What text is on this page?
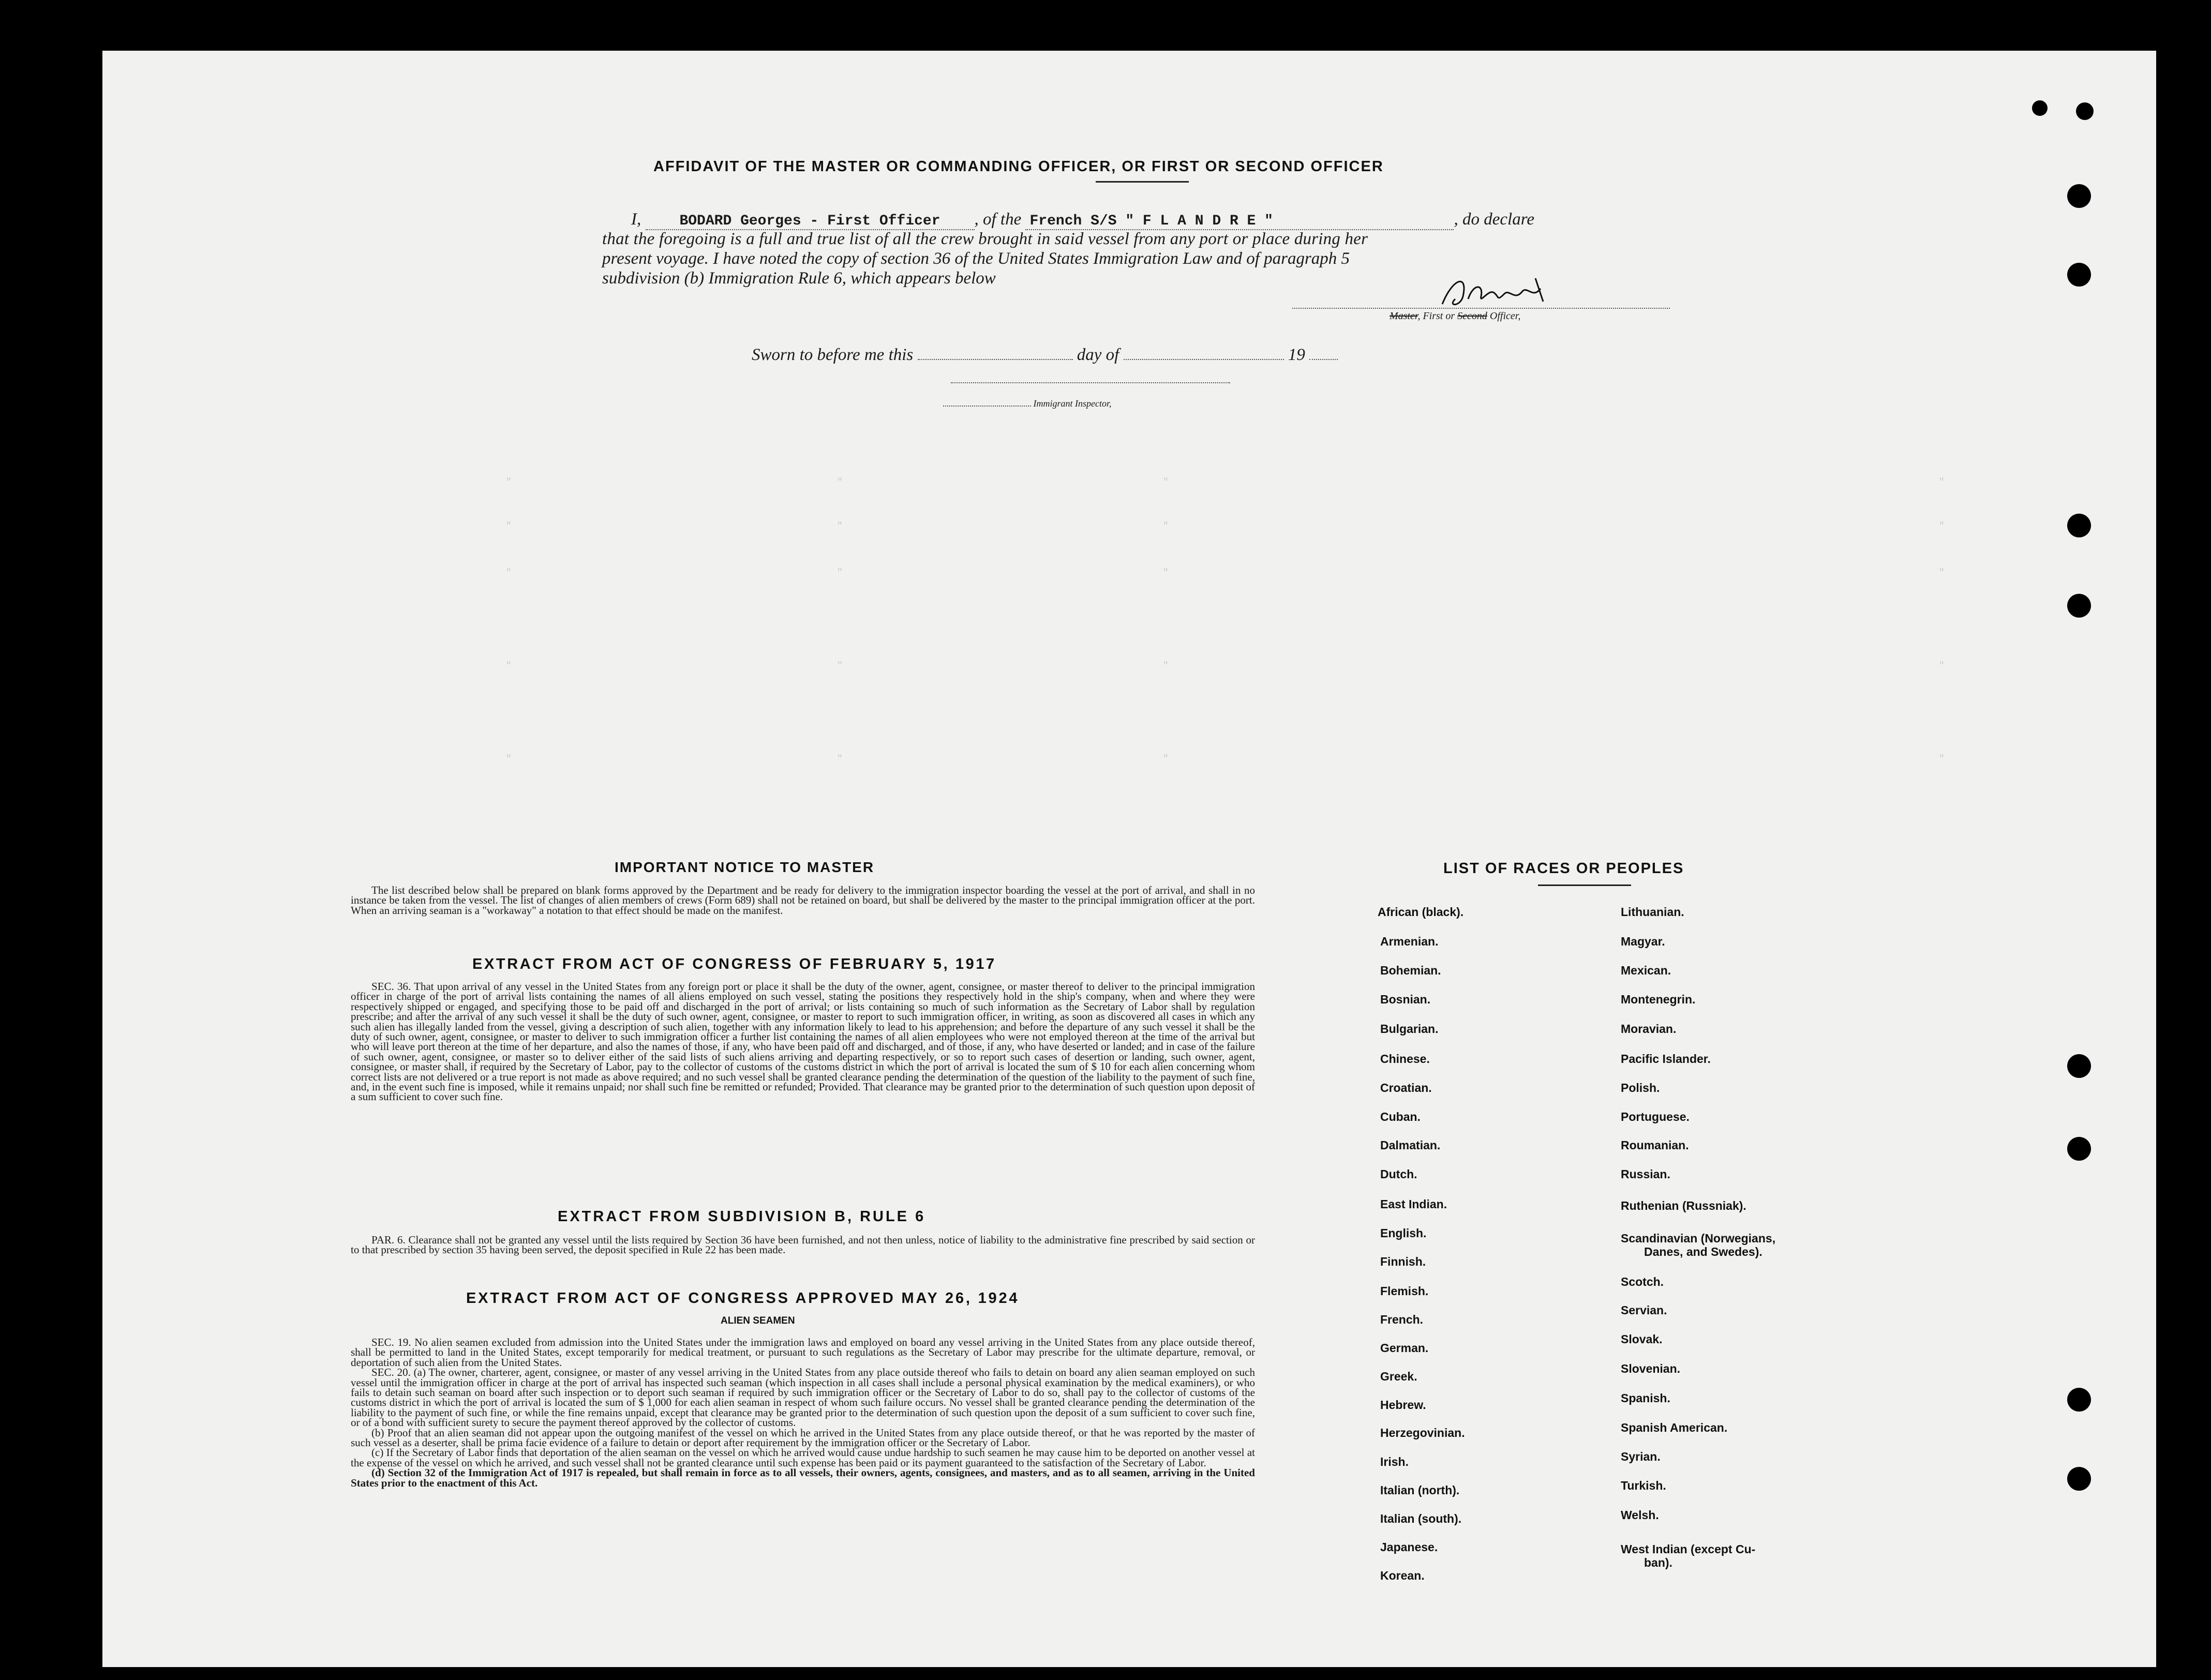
"	"	"	"
"	"	"	"
"	"	"	"
"	"	"	"
"	"	"	"
AFFIDAVIT OF THE MASTER OR COMMANDING OFFICER, OR FIRST OR SECOND OFFICER
I,	BODARD Georges - First Officer , of the French S/S " F L A N D R E "	, do declare
that the foregoing is a full and true list of all the crew brought in said vessel from any port or place during her
present voyage. I have noted the copy of section 36 of the United States Immigration Law and of paragraph 5
subdivision (b) Immigration Rule 6, which appears below	J.Bodard
Master, First or Second Officer,
Sworn to before me this	day of	19
Immigrant Inspector,
IMPORTANT NOTICE TO MASTER

The list described below shall be prepared on blank forms approved by the Department and be ready for delivery to the immigration inspector boarding the vessel at the port of arrival, and shall in no instance be taken from the vessel. The list of changes of alien members of crews (Form 689) shall not be retained on board, but shall be delivered by the master to the principal immigration officer at the port. When an arriving seaman is a "workaway" a notation to that effect should be made on the manifest.

EXTRACT FROM ACT OF CONGRESS OF FEBRUARY 5, 1917

SEC. 36. That upon arrival of any vessel in the United States from any foreign port or place it shall be the duty of the owner, agent, consignee, or master thereof to deliver to the principal immigration officer in charge of the port of arrival lists containing the names of all aliens employed on such vessel, stating the positions they respectively hold in the ship's company, when and where they were respectively shipped or engaged, and specifying those to be paid off and discharged in the port of arrival; or lists containing so much of such information as the Secretary of Labor shall by regulation prescribe; and after the arrival of any such vessel it shall be the duty of such owner, agent, consignee, or master to report to such immigration officer, in writing, as soon as discovered all cases in which any such alien has illegally landed from the vessel, giving a description of such alien, together with any information likely to lead to his apprehension; and before the departure of any such vessel it shall be the duty of such owner, agent, consignee, or master to deliver to such immigration officer a further list containing the names of all alien employees who were not employed thereon at the time of the arrival but who will leave port thereon at the time of her departure, and also the names of those, if any, who have been paid off and discharged, and of those, if any, who have deserted or landed; and in case of the failure of such owner, agent, consignee, or master so to deliver either of the said lists of such aliens arriving and departing respectively, or so to report such cases of desertion or landing, such owner, agent, consignee, or master shall, if required by the Secretary of Labor, pay to the collector of customs of the customs district in which the port of arrival is located the sum of $ 10 for each alien concerning whom correct lists are not delivered or a true report is not made as above required; and no such vessel shall be granted clearance pending the determination of the question of the liability to the payment of such fine, and, in the event such fine is imposed, while it remains unpaid; nor shall such fine be remitted or refunded; Provided. That clearance may be granted prior to the determination of such question upon deposit of a sum sufficient to cover such fine.

EXTRACT FROM SUBDIVISION B, RULE 6

PAR. 6. Clearance shall not be granted any vessel until the lists required by Section 36 have been furnished, and not then unless, notice of liability to the administrative fine prescribed by said section or to that prescribed by section 35 having been served, the deposit specified in Rule 22 has been made.

EXTRACT FROM ACT OF CONGRESS APPROVED MAY 26, 1924
ALIEN SEAMEN

SEC. 19. No alien seamen excluded from admission into the United States under the immigration laws and employed on board any vessel arriving in the United States from any place outside thereof, shall be permitted to land in the United States, except temporarily for medical treatment, or pursuant to such regulations as the Secretary of Labor may prescribe for the ultimate departure, removal, or deportation of such alien from the United States.

SEC. 20. (a) The owner, charterer, agent, consignee, or master of any vessel arriving in the United States from any place outside thereof who fails to detain on board any alien seaman employed on such vessel until the immigration officer in charge at the port of arrival has inspected such seaman (which inspection in all cases shall include a personal physical examination by the medical examiners), or who fails to detain such seaman on board after such inspection or to deport such seaman if required by such immigration officer or the Secretary of Labor to do so, shall pay to the collector of customs of the customs district in which the port of arrival is located the sum of $ 1,000 for each alien seaman in respect of whom such failure occurs. No vessel shall be granted clearance pending the determination of the liability to the payment of such fine, or while the fine remains unpaid, except that clearance may be granted prior to the determination of such question upon the deposit of a sum sufficient to cover such fine, or of a bond with sufficient surety to secure the payment thereof approved by the collector of customs.

(b) Proof that an alien seaman did not appear upon the outgoing manifest of the vessel on which he arrived in the United States from any place outside thereof, or that he was reported by the master of such vessel as a deserter, shall be prima facie evidence of a failure to detain or deport after requirement by the immigration officer or the Secretary of Labor.

(c) If the Secretary of Labor finds that deportation of the alien seaman on the vessel on which he arrived would cause undue hardship to such seamen he may cause him to be deported on another vessel at the expense of the vessel on which he arrived, and such vessel shall not be granted clearance until such expense has been paid or its payment guaranteed to the satisfaction of the Secretary of Labor.

(d) Section 32 of the Immigration Act of 1917 is repealed, but shall remain in force as to all vessels, their owners, agents, consignees, and masters, and as to all seamen, arriving in the United States prior to the enactment of this Act.

LIST OF RACES OR PEOPLES
African (black).
Armenian.
Bohemian.
Bosnian.
Bulgarian.
Chinese.
Croatian.
Cuban.
Dalmatian.
Dutch.
East Indian.
English.
Finnish.
Flemish.
French.
German.
Greek.
Hebrew.
Herzegovinian.
Irish.
Italian (north).
Italian (south).
Japanese.
Korean.
Lithuanian.
Magyar.
Mexican.
Montenegrin.
Moravian.
Pacific Islander.
Polish.
Portuguese.
Roumanian.
Russian.
Ruthenian (Russniak).
Scandinavian (Norwegians,
Danes, and Swedes).
Scotch.
Servian.
Slovak.
Slovenian.
Spanish.
Spanish American.
Syrian.
Turkish.
Welsh.
West Indian (except Cu-
ban).
